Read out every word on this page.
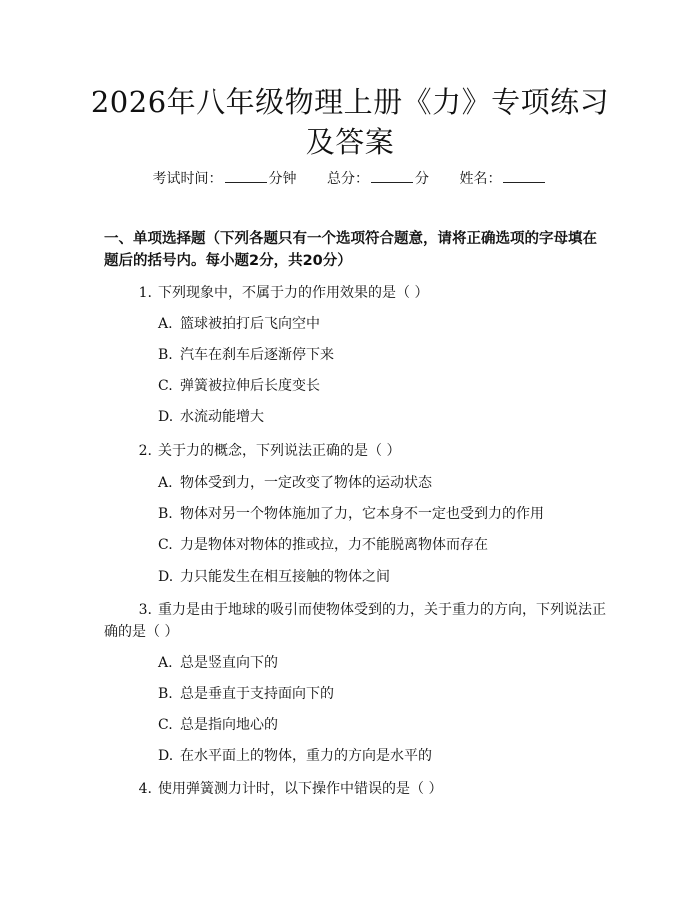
2026年八年级物理上册《力》专项练习及答案
考试时间：	分钟 总分：	分 姓名：

一、单项选择题（下列各题只有一个选项符合题意，请将正确选项的字母填在题后的括号内。每小题2分，共20分）

1. 下列现象中，不属于力的作用效果的是（ ）

A. 篮球被拍打后飞向空中

B. 汽车在刹车后逐渐停下来

C. 弹簧被拉伸后长度变长

D. 水流动能增大

2. 关于力的概念，下列说法正确的是（ ）

A. 物体受到力，一定改变了物体的运动状态

B. 物体对另一个物体施加了力，它本身不一定也受到力的作用

C. 力是物体对物体的推或拉，力不能脱离物体而存在

D. 力只能发生在相互接触的物体之间

3. 重力是由于地球的吸引而使物体受到的力，关于重力的方向，下列说法正确的是（ ）

A. 总是竖直向下的

B. 总是垂直于支持面向下的

C. 总是指向地心的

D. 在水平面上的物体，重力的方向是水平的

4. 使用弹簧测力计时，以下操作中错误的是（ ）
